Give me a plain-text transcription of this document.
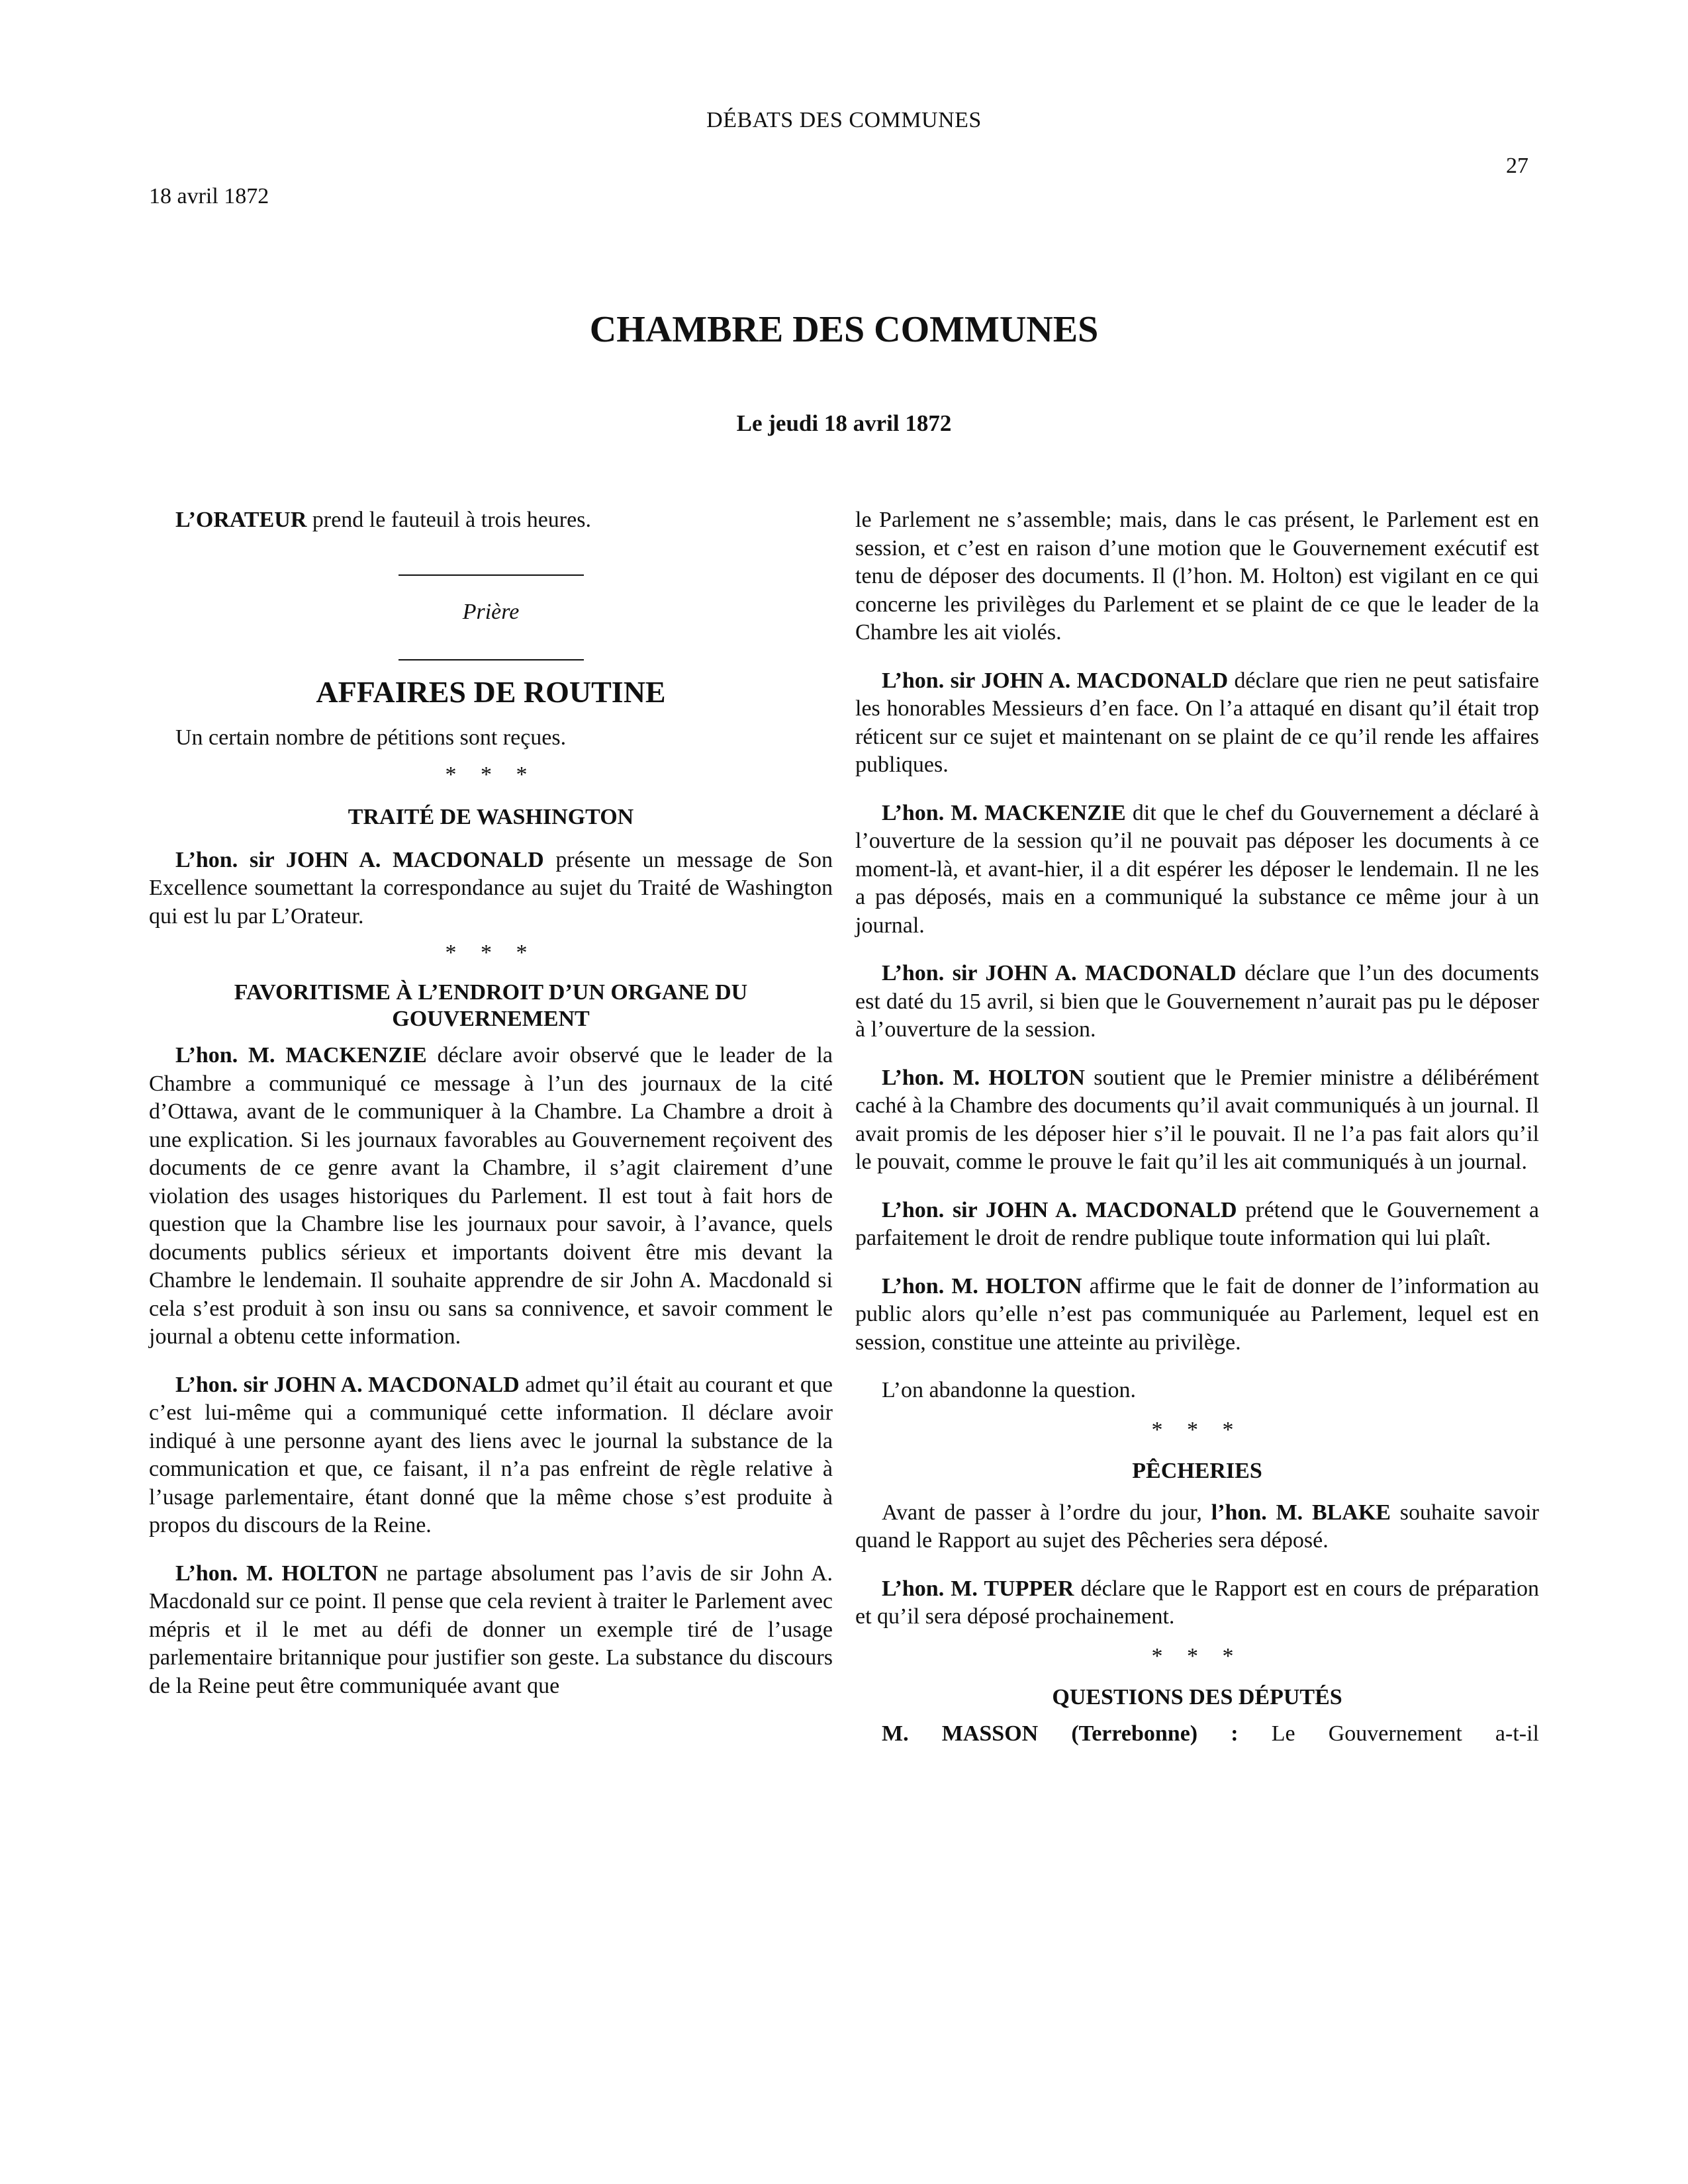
DÉBATS DES COMMUNES
18 avril 1872
27
CHAMBRE DES COMMUNES
Le jeudi 18 avril 1872

L’ORATEUR prend le fauteuil à trois heures.

Prière

AFFAIRES DE ROUTINE

Un certain nombre de pétitions sont reçues.

* * *
TRAITÉ DE WASHINGTON

L’hon. sir JOHN A. MACDONALD présente un message de Son Excellence soumettant la correspondance au sujet du Traité de Washington qui est lu par L’Orateur.

* * *
FAVORITISME À L’ENDROIT D’UN ORGANE DU GOUVERNEMENT

L’hon. M. MACKENZIE déclare avoir observé que le leader de la Chambre a communiqué ce message à l’un des journaux de la cité d’Ottawa, avant de le communiquer à la Chambre. La Chambre a droit à une explication. Si les journaux favorables au Gouvernement reçoivent des documents de ce genre avant la Chambre, il s’agit clairement d’une violation des usages historiques du Parlement. Il est tout à fait hors de question que la Chambre lise les journaux pour savoir, à l’avance, quels documents publics sérieux et importants doivent être mis devant la Chambre le lendemain. Il souhaite apprendre de sir John A. Macdonald si cela s’est produit à son insu ou sans sa connivence, et savoir comment le journal a obtenu cette information.

L’hon. sir JOHN A. MACDONALD admet qu’il était au courant et que c’est lui-même qui a communiqué cette information. Il déclare avoir indiqué à une personne ayant des liens avec le journal la substance de la communication et que, ce faisant, il n’a pas enfreint de règle relative à l’usage parlementaire, étant donné que la même chose s’est produite à propos du discours de la Reine.

L’hon. M. HOLTON ne partage absolument pas l’avis de sir John A. Macdonald sur ce point. Il pense que cela revient à traiter le Parlement avec mépris et il le met au défi de donner un exemple tiré de l’usage parlementaire britannique pour justifier son geste. La substance du discours de la Reine peut être communiquée avant que

le Parlement ne s’assemble; mais, dans le cas présent, le Parlement est en session, et c’est en raison d’une motion que le Gouvernement exécutif est tenu de déposer des documents. Il (l’hon. M. Holton) est vigilant en ce qui concerne les privilèges du Parlement et se plaint de ce que le leader de la Chambre les ait violés.

L’hon. sir JOHN A. MACDONALD déclare que rien ne peut satisfaire les honorables Messieurs d’en face. On l’a attaqué en disant qu’il était trop réticent sur ce sujet et maintenant on se plaint de ce qu’il rende les affaires publiques.

L’hon. M. MACKENZIE dit que le chef du Gouvernement a déclaré à l’ouverture de la session qu’il ne pouvait pas déposer les documents à ce moment-là, et avant-hier, il a dit espérer les déposer le lendemain. Il ne les a pas déposés, mais en a communiqué la substance ce même jour à un journal.

L’hon. sir JOHN A. MACDONALD déclare que l’un des documents est daté du 15 avril, si bien que le Gouvernement n’aurait pas pu le déposer à l’ouverture de la session.

L’hon. M. HOLTON soutient que le Premier ministre a délibérément caché à la Chambre des documents qu’il avait communiqués à un journal. Il avait promis de les déposer hier s’il le pouvait. Il ne l’a pas fait alors qu’il le pouvait, comme le prouve le fait qu’il les ait communiqués à un journal.

L’hon. sir JOHN A. MACDONALD prétend que le Gouvernement a parfaitement le droit de rendre publique toute information qui lui plaît.

L’hon. M. HOLTON affirme que le fait de donner de l’information au public alors qu’elle n’est pas communiquée au Parlement, lequel est en session, constitue une atteinte au privilège.

L’on abandonne la question.

* * *
PÊCHERIES

Avant de passer à l’ordre du jour, l’hon. M. BLAKE souhaite savoir quand le Rapport au sujet des Pêcheries sera déposé.

L’hon. M. TUPPER déclare que le Rapport est en cours de préparation et qu’il sera déposé prochainement.

* * *
QUESTIONS DES DÉPUTÉS

M. MASSON (Terrebonne) : Le Gouvernement a-t-il
